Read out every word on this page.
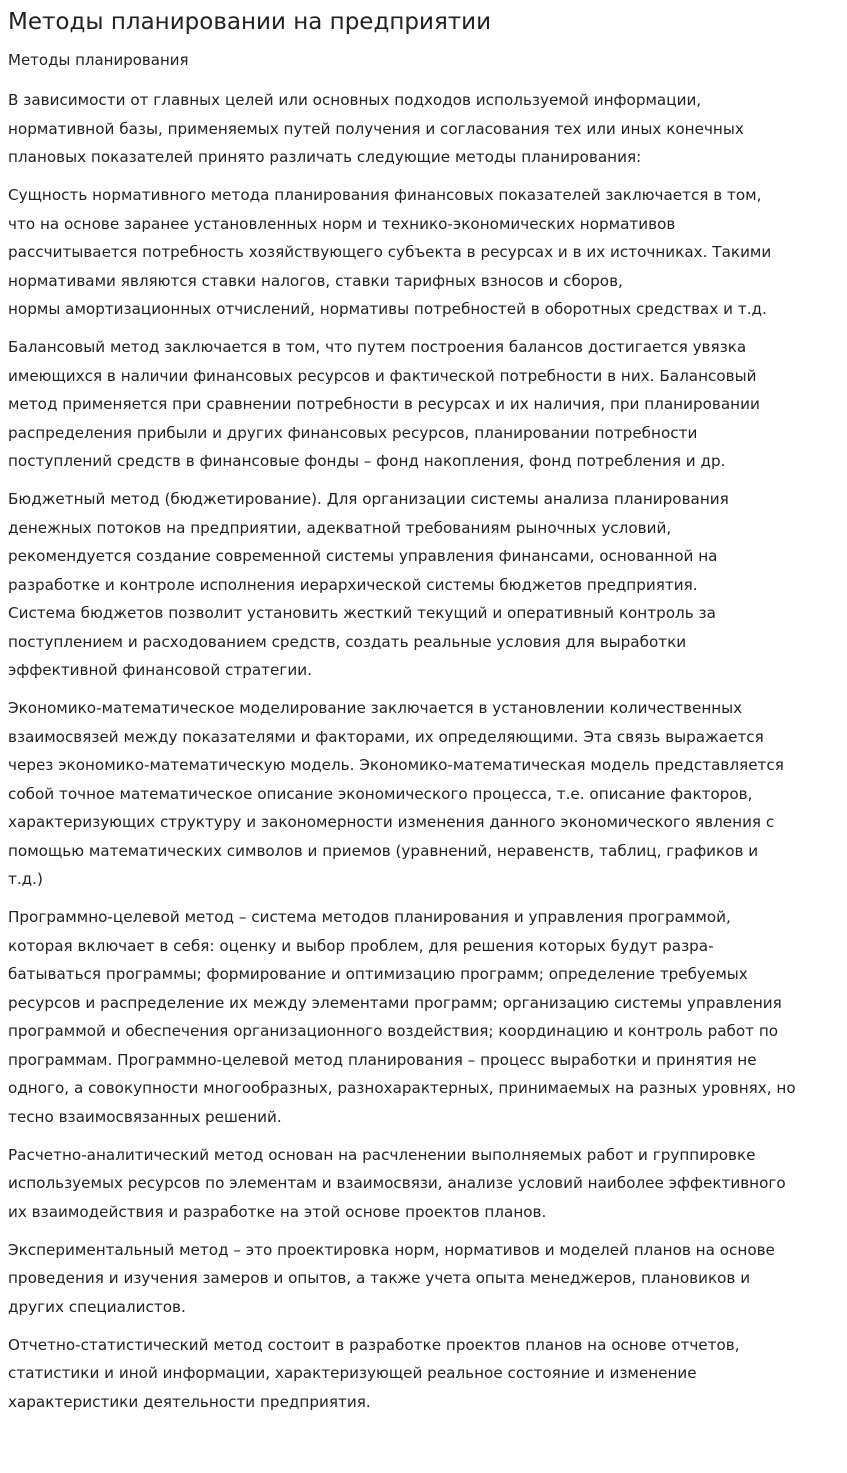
Методы планировании на предприятии
Методы планирования

В зависимости от главных целей или основных подходов используемой информации,
нормативной базы, применяемых путей получения и согласования тех или иных конечных
плановых показателей принято различать следующие методы планирования:

Сущность нормативного метода планирования финансовых показателей заключается в том,
что на основе заранее установленных норм и технико-экономических нормативов
рассчитывается потребность хозяйствующего субъекта в ресурсах и в их источниках. Такими
нормативами являются ставки налогов, ставки тарифных взносов и сборов,
нормы амортизационных отчислений, нормативы потребностей в оборотных средствах и т.д.

Балансовый метод заключается в том, что путем построения балансов достигается увязка
имеющихся в наличии финансовых ресурсов и фактической потребности в них. Балансовый
метод применяется при сравнении потребности в ресурсах и их наличия, при планировании
распределения прибыли и других финансовых ресурсов, планировании потребности
поступлений средств в финансовые фонды – фонд накопления, фонд потребления и др.

Бюджетный метод (бюджетирование). Для организации системы анализа планирования
денежных потоков на предприятии, адекватной требованиям рыночных условий,
рекомендуется создание современной системы управления финансами, основанной на
разработке и контроле исполнения иерархической системы бюджетов предприятия.
Система бюджетов позволит установить жесткий текущий и оперативный контроль за
поступлением и расходованием средств, создать реальные условия для выработки
эффективной финансовой стратегии.

Экономико-математическое моделирование заключается в установлении количественных
взаимосвязей между показателями и факторами, их определяющими. Эта связь выражается
через экономико-математическую модель. Экономико-математическая модель представляется
собой точное математическое описание экономического процесса, т.е. описание факторов,
характеризующих структуру и закономерности изменения данного экономического явления с
помощью математических символов и приемов (уравнений, неравенств, таблиц, графиков и
т.д.)

Программно-целевой метод – система методов планирования и управления программой,
которая включает в себя: оценку и выбор проблем, для решения которых будут разра-
батываться программы; формирование и оптимизацию программ; определение требуемых
ресурсов и распределение их между элементами программ; организацию системы управления
программой и обеспечения организационного воздействия; координацию и контроль работ по
программам. Программно-целевой метод планирования – процесс выработки и принятия не
одного, а совокупности многообразных, разнохарактерных, принимаемых на разных уровнях, но
тесно взаимосвязанных решений.

Расчетно-аналитический метод основан на расчленении выполняемых работ и группировке
используемых ресурсов по элементам и взаимосвязи, анализе условий наиболее эффективного
их взаимодействия и разработке на этой основе проектов планов.

Экспериментальный метод – это проектировка норм, нормативов и моделей планов на основе
проведения и изучения замеров и опытов, а также учета опыта менеджеров, плановиков и
других специалистов.

Отчетно-статистический метод состоит в разработке проектов планов на основе отчетов,
статистики и иной информации, характеризующей реальное состояние и изменение
характеристики деятельности предприятия.
